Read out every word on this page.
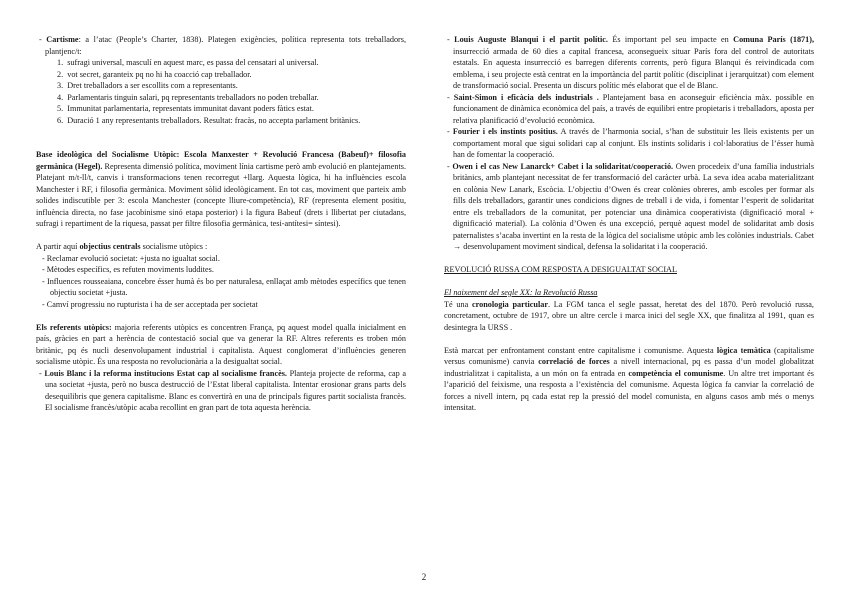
- Cartisme: a l’atac (People’s Charter, 1838). Plategen exigències, política representa tots treballadors, plantjenc/t:

1.  sufragi universal, masculí en aquest marc, es passa del censatari al universal.

2.  vot secret, garanteix pq no hi ha coacció cap treballador.

3.  Dret treballadors a ser escollits com a representants.

4.  Parlamentaris tinguin salari, pq representants treballadors no poden treballar.

5.  Immunitat parlamentaria, representats immunitat davant poders fàtics estat.

6.  Duració 1 any representants treballadors. Resultat: fracàs, no accepta parlament britànics.

Base ideològica del Socialisme Utòpic: Escola Manxester + Revolució Francesa (Babeuf)+ filosofia germànica (Hegel). Representa dimensió política, moviment línia cartisme però amb evolució en plantejaments. Platejant m/t-ll/t, canvis i transformacions tenen recorregut +llarg. Aquesta lògica, hi ha influències escola Manchester i RF, i filosofia germànica. Moviment sòlid ideològicament. En tot cas, moviment que parteix amb solides indiscutible per 3: escola Manchester (concepte lliure-competència), RF (representa element positiu, influència directa, no fase jacobinisme sinó etapa posterior) i la figura Babeuf (drets i llibertat per ciutadans, sufragi i repartiment de la riquesa, passat per filtre filosofia germànica, tesi-antítesi= síntesi).

A partir aquí objectius centrals socialisme utòpics :

- Reclamar evolució societat: +justa no igualtat social.

- Mètodes específics, es refuten moviments luddites.

- Influences rousseaiana, concebre ésser humà és bo per naturalesa, enllaçat amb mètodes específics que tenen objectiu societat +justa.

- Camví progressiu no rupturista i ha de ser acceptada per societat

Els referents utòpics: majoria referents utòpics es concentren França, pq aquest model qualla inicialment en país, gràcies en part a herència de contestació social que va generar la RF. Altres referents es troben món britànic, pq és nucli desenvolupament industrial i capitalista. Aquest conglomerat d’influències generen socialisme utòpic. És una resposta no revolucionària a la desigualtat social.

- Louis Blanc i la reforma institucions Estat cap al socialisme francès. Planteja projecte de reforma, cap a una societat +justa, però no busca destrucció de l’Estat liberal capitalista. Intentar erosionar grans parts dels desequilibris que genera capitalisme. Blanc es convertirà en una de principals figures partit socialista francès. El socialisme francès/utòpic acaba recollint en gran part de tota aquesta herència.

- Louis Auguste Blanqui i el partit polític. És important pel seu impacte en Comuna París (1871), insurrecció armada de 60 dies a capital francesa, aconsegueix situar París fora del control de autoritats estatals. En aquesta insurrecció es barregen diferents corrents, però figura Blanqui és reivindicada com emblema, i seu projecte està centrat en la importància del partit polític (disciplinat i jerarquitzat) com element de transformació social. Presenta un discurs polític més elaborat que el de Blanc.

- Saint-Simon i eficàcia dels industrials . Plantejament basa en aconseguir eficiència màx. possible en funcionament de dinàmica econòmica del país, a través de equilibri entre propietaris i treballadors, aposta per relativa planificació d’evolució econòmica.

- Fourier i els instints positius. A través de l’harmonia social, s’han de substituir les lleis existents per un comportament moral que sigui solidari cap al conjunt. Els instints solidaris i col·laboratius de l’ésser humà han de fomentar la cooperació.

- Owen i el cas New Lanarck+ Cabet i la solidaritat/cooperació. Owen procedeix d’una família industrials britànics, amb plantejant necessitat de fer transformació del caràcter urbà. La seva idea acaba materialitzant en colònia New Lanark, Escòcia. L’objectiu d’Owen és crear colònies obreres, amb escoles per formar als fills dels treballadors, garantir unes condicions dignes de treball i de vida, i fomentar l’esperit de solidaritat entre els treballadors de la comunitat, per potenciar una dinàmica cooperativista (dignificació moral + dignificació material). La colònia d’Owen és una excepció, perquè aquest model de solidaritat amb dosis paternalistes s’acaba invertint en la resta de la lògica del socialisme utòpic amb les colònies industrials. Cabet → desenvolupament moviment sindical, defensa la solidaritat i la cooperació.

REVOLUCIÓ RUSSA COM RESPOSTA A DESIGUALTAT SOCIAL

El naixement del segle XX: la Revolució Russa

Té una cronologia particular. La FGM tanca el segle passat, heretat des del 1870. Però revolució russa, concretament, octubre de 1917, obre un altre cercle i marca inici del segle XX, que finalitza al 1991, quan es desintegra la URSS .

Està marcat per enfrontament constant entre capitalisme i comunisme. Aquesta lògica temàtica (capitalisme versus comunisme) canvia correlació de forces a nivell internacional, pq es passa d’un model globalitzat industrialitzat i capitalista, a un món on fa entrada en competència el comunisme. Un altre tret important és l’aparició del feixisme, una resposta a l’existència del comunisme. Aquesta lògica fa canviar la correlació de forces a nivell intern, pq cada estat rep la pressió del model comunista, en alguns casos amb més o menys intensitat.

2
